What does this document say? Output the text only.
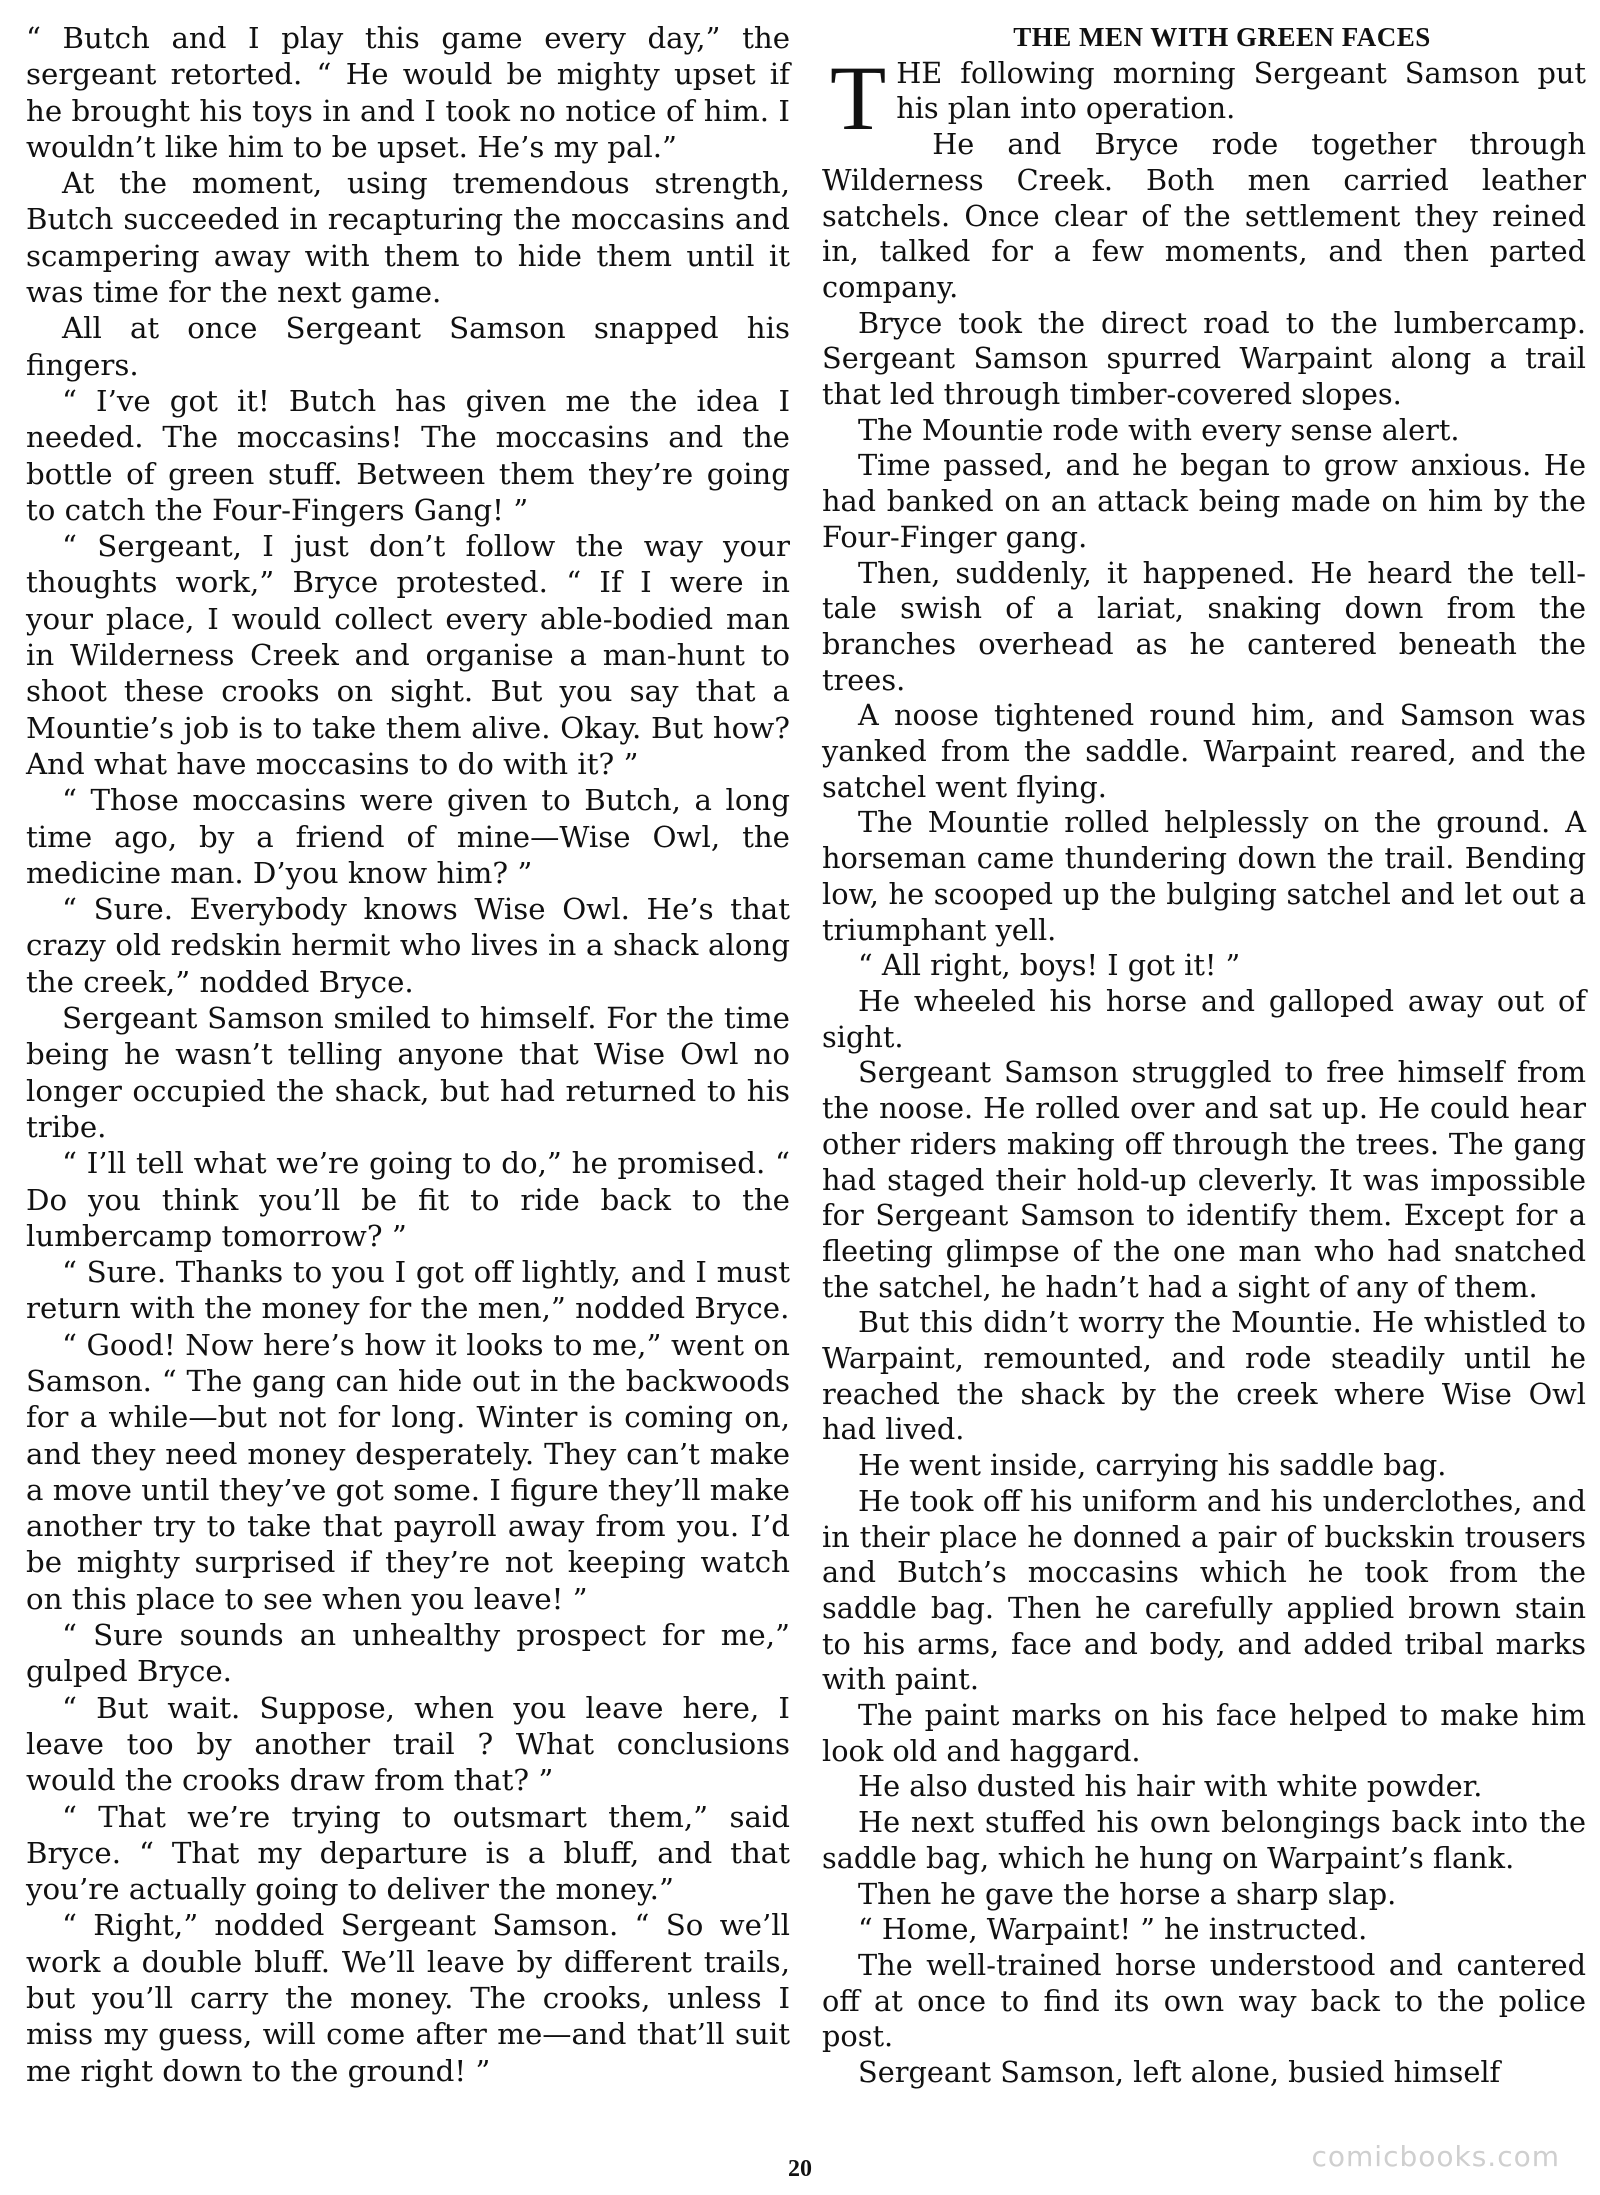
“ Butch and I play this game every day,” the sergeant retorted. “ He would be mighty upset if he brought his toys in and I took no notice of him. I wouldn’t like him to be upset. He’s my pal.”

At the moment, using tremendous strength, Butch succeeded in recapturing the moccasins and scampering away with them to hide them until it was time for the next game.

All at once Sergeant Samson snapped his fingers.

“ I’ve got it! Butch has given me the idea I needed. The moccasins! The moccasins and the bottle of green stuff. Between them they’re going to catch the Four-Fingers Gang! ”

“ Sergeant, I just don’t follow the way your thoughts work,” Bryce protested. “ If I were in your place, I would collect every able-bodied man in Wilderness Creek and organise a man-hunt to shoot these crooks on sight. But you say that a Mountie’s job is to take them alive. Okay. But how? And what have moccasins to do with it? ”

“ Those moccasins were given to Butch, a long time ago, by a friend of mine—Wise Owl, the medicine man. D’you know him? ”

“ Sure. Everybody knows Wise Owl. He’s that crazy old redskin hermit who lives in a shack along the creek,” nodded Bryce.

Sergeant Samson smiled to himself. For the time being he wasn’t telling anyone that Wise Owl no longer occupied the shack, but had returned to his tribe.

“ I’ll tell what we’re going to do,” he promised. “ Do you think you’ll be fit to ride back to the lumbercamp tomorrow? ”

“ Sure. Thanks to you I got off lightly, and I must return with the money for the men,” nodded Bryce.

“ Good! Now here’s how it looks to me,” went on Samson. “ The gang can hide out in the backwoods for a while—but not for long. Winter is coming on, and they need money desperately. They can’t make a move until they’ve got some. I figure they’ll make another try to take that payroll away from you. I’d be mighty surprised if they’re not keeping watch on this place to see when you leave! ”

“ Sure sounds an unhealthy prospect for me,” gulped Bryce.

“ But wait. Suppose, when you leave here, I leave too by another trail ? What conclusions would the crooks draw from that? ”

“ That we’re trying to outsmart them,” said Bryce. “ That my departure is a bluff, and that you’re actually going to deliver the money.”

“ Right,” nodded Sergeant Samson. “ So we’ll work a double bluff. We’ll leave by different trails, but you’ll carry the money. The crooks, unless I miss my guess, will come after me—and that’ll suit me right down to the ground! ”

THE MEN WITH GREEN FACES

THE following morning Sergeant Samson put his plan into operation.

He and Bryce rode together through Wilderness Creek. Both men carried leather satchels. Once clear of the settlement they reined in, talked for a few moments, and then parted company.

Bryce took the direct road to the lumbercamp. Sergeant Samson spurred Warpaint along a trail that led through timber-covered slopes.

The Mountie rode with every sense alert.

Time passed, and he began to grow anxious. He had banked on an attack being made on him by the Four-Finger gang.

Then, suddenly, it happened. He heard the tell-tale swish of a lariat, snaking down from the branches overhead as he cantered beneath the trees.

A noose tightened round him, and Samson was yanked from the saddle. Warpaint reared, and the satchel went flying.

The Mountie rolled helplessly on the ground. A horseman came thundering down the trail. Bending low, he scooped up the bulging satchel and let out a triumphant yell.

“ All right, boys! I got it! ”

He wheeled his horse and galloped away out of sight.

Sergeant Samson struggled to free himself from the noose. He rolled over and sat up. He could hear other riders making off through the trees. The gang had staged their hold-up cleverly. It was impossible for Sergeant Samson to identify them. Except for a fleeting glimpse of the one man who had snatched the satchel, he hadn’t had a sight of any of them.

But this didn’t worry the Mountie. He whistled to Warpaint, remounted, and rode steadily until he reached the shack by the creek where Wise Owl had lived.

He went inside, carrying his saddle bag.

He took off his uniform and his underclothes, and in their place he donned a pair of buckskin trousers and Butch’s moccasins which he took from the saddle bag. Then he carefully applied brown stain to his arms, face and body, and added tribal marks with paint.

The paint marks on his face helped to make him look old and haggard.

He also dusted his hair with white powder.

He next stuffed his own belongings back into the saddle bag, which he hung on Warpaint’s flank.

Then he gave the horse a sharp slap.

“ Home, Warpaint! ” he instructed.

The well-trained horse understood and cantered off at once to find its own way back to the police post.

Sergeant Samson, left alone, busied himself

comicbooks.com
20
